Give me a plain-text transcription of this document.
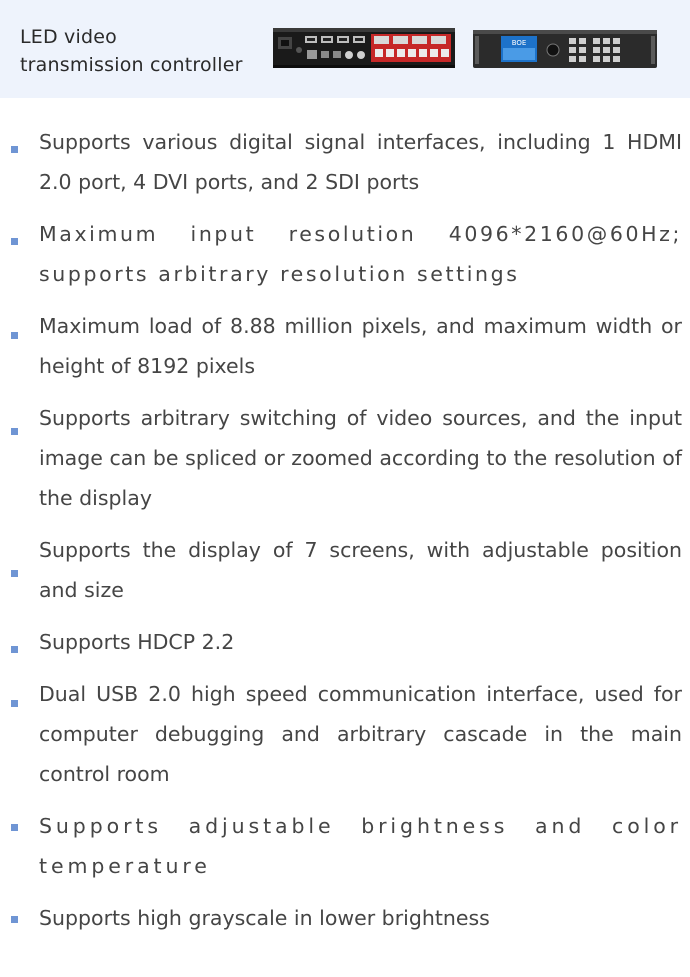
LED video
transmission controller
BOE
Supports various digital signal interfaces, including 1 HDMI 2.0 port, 4 DVI ports, and 2 SDI ports
Maximum input resolution 4096*2160@60Hz; supports arbitrary resolution settings
Maximum load of 8.88 million pixels, and maximum width or height of 8192 pixels
Supports arbitrary switching of video sources, and the input image can be spliced or zoomed according to the resolution of the display
Supports the display of 7 screens, with adjustable position and size
Supports HDCP 2.2
Dual USB 2.0 high speed communication interface, used for computer debugging and arbitrary cascade in the main control room
Supports adjustable brightness and color temperature
Supports high grayscale in lower brightness
